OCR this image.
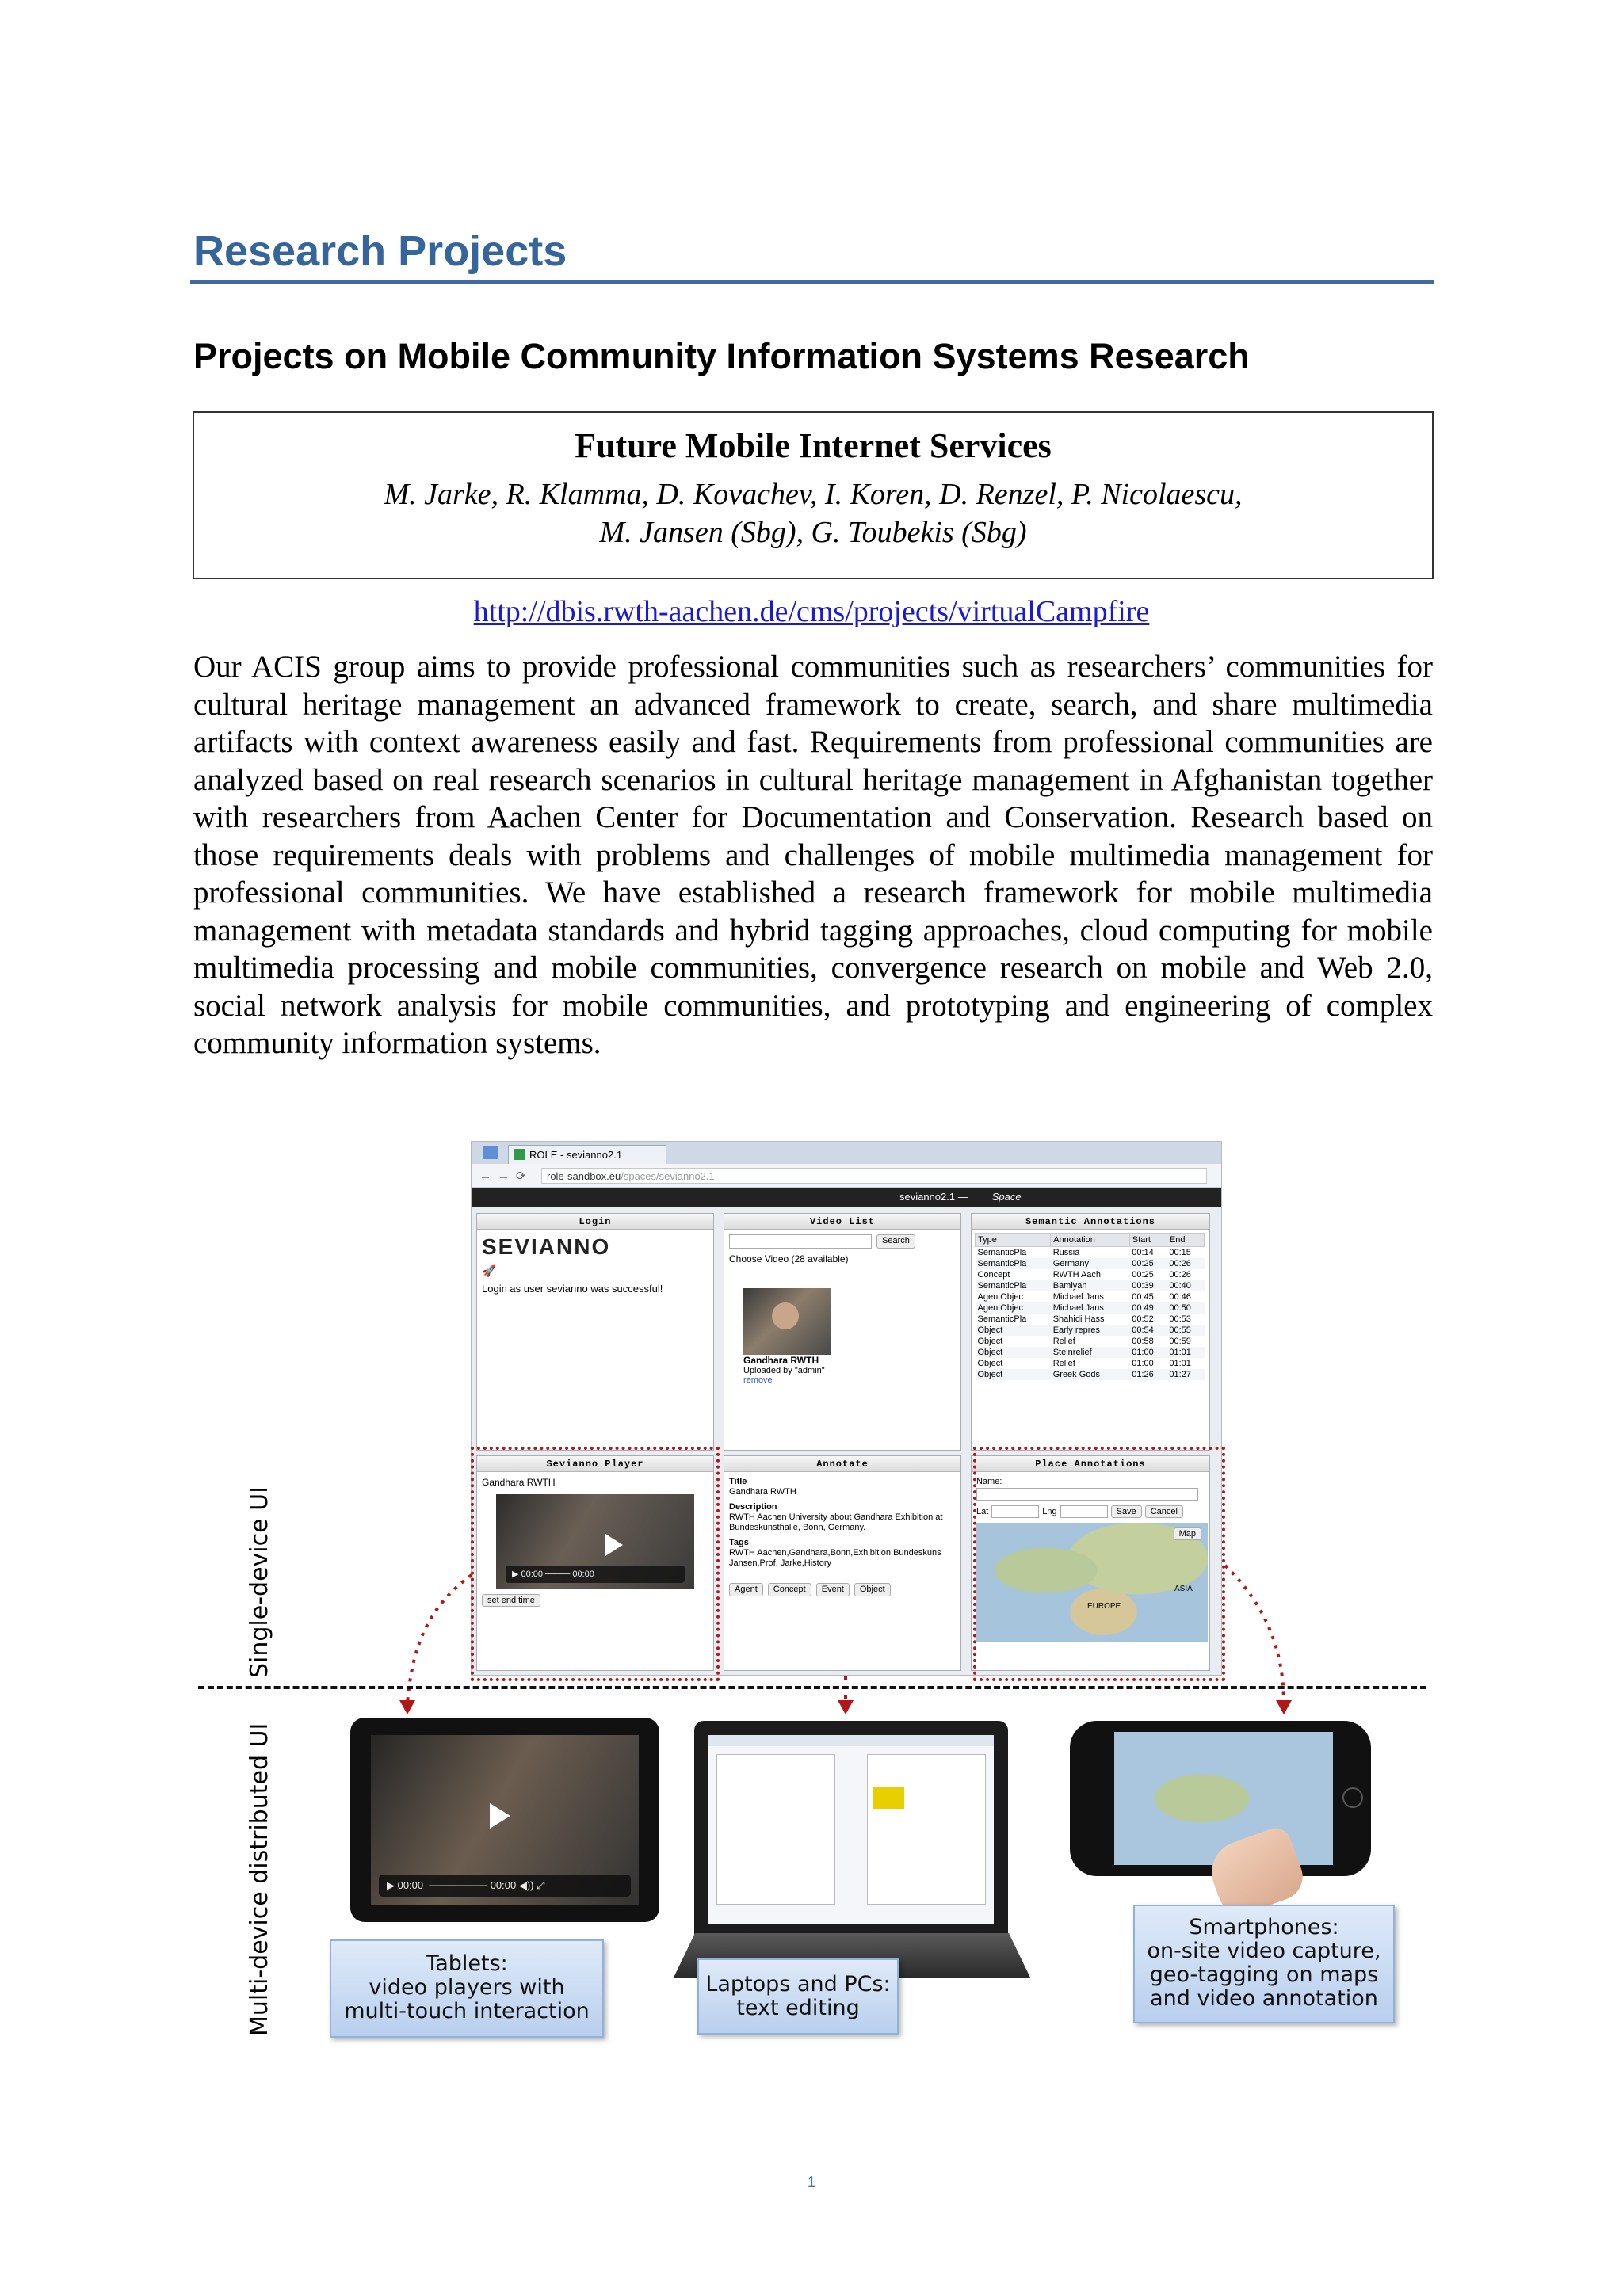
Research Projects
Projects on Mobile Community Information Systems Research
Future Mobile Internet Services
M. Jarke, R. Klamma, D. Kovachev, I. Koren, D. Renzel, P. Nicolaescu,
M. Jansen (Sbg), G. Toubekis (Sbg)
http://dbis.rwth-aachen.de/cms/projects/virtualCampfire
Our ACIS group aims to provide professional communities such as researchers’ communities for cultural heritage management an advanced framework to create, search, and share multimedia artifacts with context awareness easily and fast. Requirements from professional communities are analyzed based on real research scenarios in cultural heritage management in Afghanistan together with researchers from Aachen Center for Documentation and Conservation. Research based on those requirements deals with problems and challenges of mobile multimedia management for professional communities. We have established a research framework for mobile multimedia management with metadata standards and hybrid tagging approaches, cloud computing for mobile multimedia processing and mobile communities, convergence research on mobile and Web 2.0, social network analysis for mobile communities, and prototyping and engineering of complex community information systems.
ROLE - sevianno2.1
←→⟳	role-sandbox.eu/spaces/sevianno2.1
sevianno2.1 — Space
Login
SEVIANNO
🚀
Login as user sevianno was successful!
Video List
Search
Choose Video (28 available)
Gandhara RWTH
Uploaded by "admin"
remove
Semantic Annotations
Type	Annotation	Start	End
SemanticPla	Russia	00:14	00:15
SemanticPla	Germany	00:25	00:26
Concept	RWTH Aach	00:25	00:26
SemanticPla	Bamiyan	00:39	00:40
AgentObjec	Michael Jans	00:45	00:46
AgentObjec	Michael Jans	00:49	00:50
SemanticPla	Shahidi Hass	00:52	00:53
Object	Early repres	00:54	00:55
Object	Relief	00:58	00:59
Object	Steinrelief	01:00	01:01
Object	Relief	01:00	01:01
Object	Greek Gods	01:26	01:27
Sevianno Player
Gandhara RWTH
▶ 00:00 ──── 00:00
set end time
Annotate
Title
Gandhara RWTH
Description
RWTH Aachen University about Gandhara Exhibition at Bundeskunsthalle, Bonn, Germany.
Tags
RWTH Aachen,Gandhara,Bonn,Exhibition,Bundeskuns Jansen,Prof. Jarke,History
Agent	Concept	Event	Object
Place Annotations
Name:
Lat	Lng	Save	Cancel
Map
EUROPE
ASIA
Single-device UI
Multi-device distributed UI	▶ 00:00  ──────── 00:00 ◀)) ⤢
Tablets:
video players with
multi-touch interaction
Laptops and PCs:
text editing
Smartphones:
on-site video capture,
geo-tagging on maps
and video annotation
1
